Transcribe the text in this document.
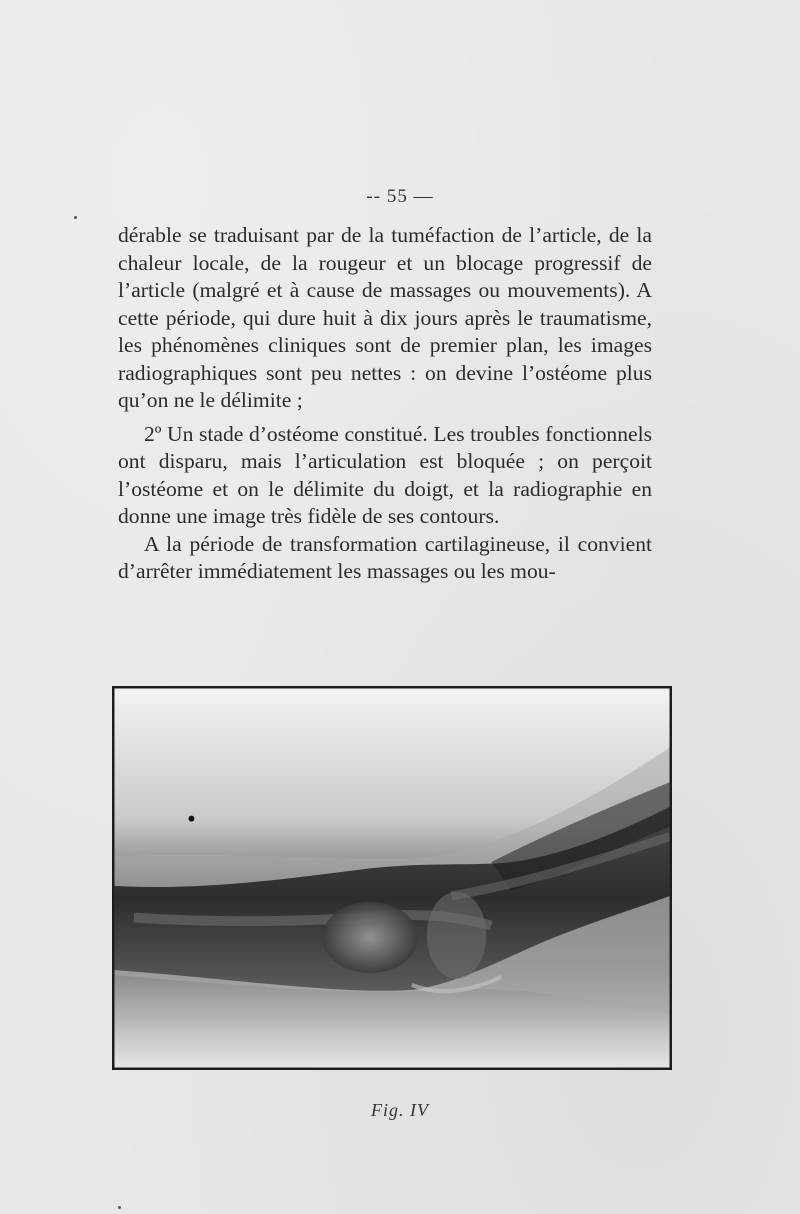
-- 55 —

dérable se traduisant par de la tuméfaction de l’article, de la chaleur locale, de la rougeur et un blocage progressif de l’article (malgré et à cause de massages ou mouvements). A cette période, qui dure huit à dix jours après le traumatisme, les phénomènes cliniques sont de premier plan, les images radiographiques sont peu nettes : on devine l’ostéome plus qu’on ne le délimite ;

2º Un stade d’ostéome constitué. Les troubles fonctionnels ont disparu, mais l’articulation est bloquée ; on perçoit l’ostéome et on le délimite du doigt, et la radiographie en donne une image très fidèle de ses contours.

A la période de transformation cartilagineuse, il convient d’arrêter immédiatement les massages ou les mou-

Fig. IV
